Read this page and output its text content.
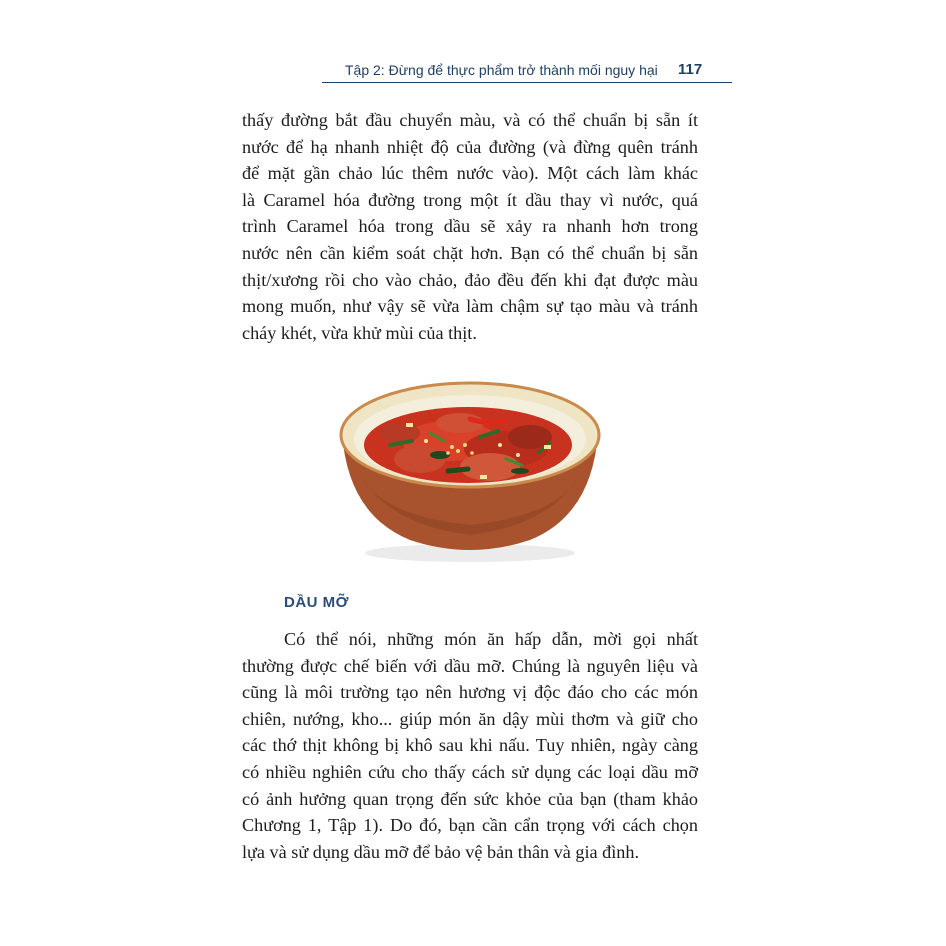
Tập 2: Đừng để thực phẩm trở thành mối nguy hại 117
thấy đường bắt đầu chuyển màu, và có thể chuẩn bị sẵn ít
nước để hạ nhanh nhiệt độ của đường (và đừng quên tránh
để mặt gần chảo lúc thêm nước vào). Một cách làm khác
là Caramel hóa đường trong một ít dầu thay vì nước, quá
trình Caramel hóa trong dầu sẽ xảy ra nhanh hơn trong
nước nên cần kiểm soát chặt hơn. Bạn có thể chuẩn bị sẵn
thịt/xương rồi cho vào chảo, đảo đều đến khi đạt được màu
mong muốn, như vậy sẽ vừa làm chậm sự tạo màu và tránh
cháy khét, vừa khử mùi của thịt.
DẦU MỠ
Có thể nói, những món ăn hấp dẫn, mời gọi nhất
thường được chế biến với dầu mỡ. Chúng là nguyên liệu và
cũng là môi trường tạo nên hương vị độc đáo cho các món
chiên, nướng, kho... giúp món ăn dậy mùi thơm và giữ cho
các thớ thịt không bị khô sau khi nấu. Tuy nhiên, ngày càng
có nhiều nghiên cứu cho thấy cách sử dụng các loại dầu mỡ
có ảnh hưởng quan trọng đến sức khỏe của bạn (tham khảo
Chương 1, Tập 1). Do đó, bạn cần cẩn trọng với cách chọn
lựa và sử dụng dầu mỡ để bảo vệ bản thân và gia đình.
